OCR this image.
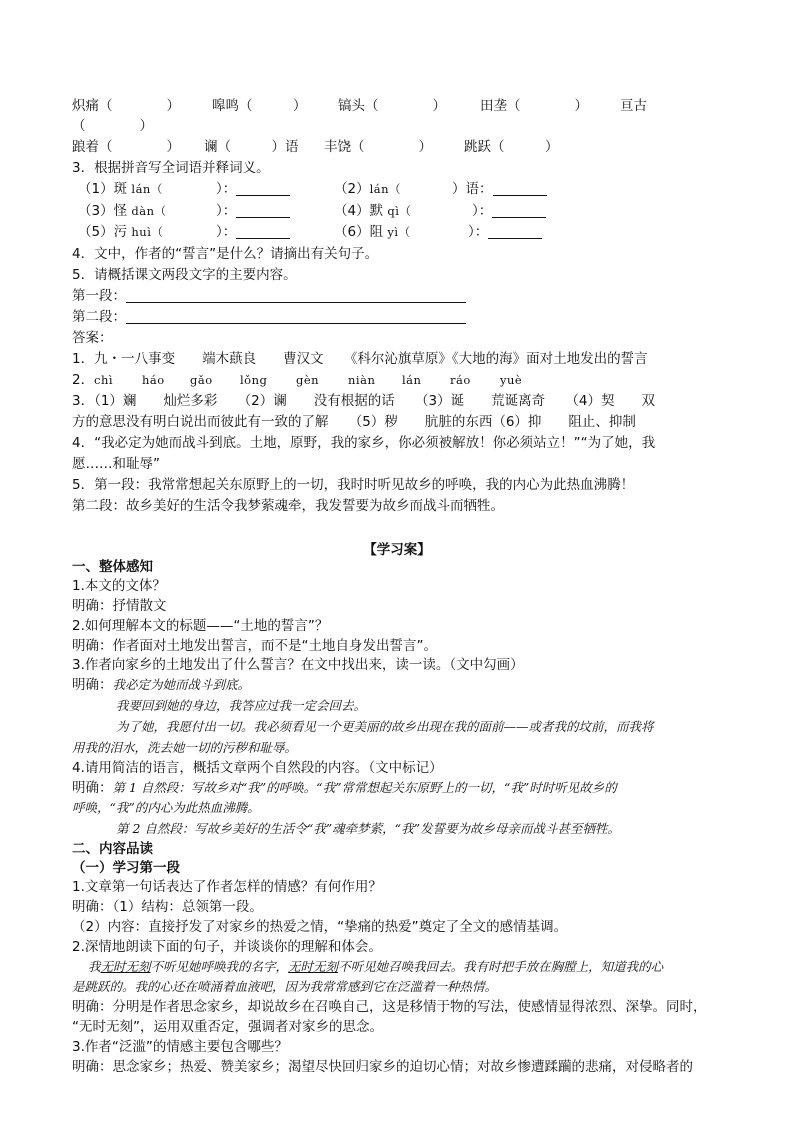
炽痛（　　　　） 嗥鸣（　　　） 镐头（　　　　）	田垄（　　　　） 亘古
（　　　　）
踉着（　　　　） 谰（　　　）语 丰饶（　　　　） 跳跃（　　　）
3．根据拼音写全词语并释词义。
（1）斑 lán（	）：	（2）lán（	）语：
（3）怪 dàn（	）：	（4）默 qì（	）：
（5）污 huì（	）：	（6）阻 yì（	）：
4．文中，作者的“誓言”是什么？请摘出有关句子。
5．请概括课文两段文字的主要内容。
第一段：
第二段：
答案：
1．九・一八事变　　端木蕻良　　曹汉文　　《科尔沁旗草原》《大地的海》面对土地发出的誓言
2． chì	háo gǎo lǒng gèn	niàn lán ráo	yuè
3．（1）斓　　灿烂多彩　　（2）谰　　没有根据的话　　（3）诞　　荒诞离奇　　（4）契　　双
方的意思没有明白说出而彼此有一致的了解　　（5）秽　　肮脏的东西（6）抑　　阻止、抑制
4．“我必定为她而战斗到底。土地，原野，我的家乡，你必须被解放！你必须站立！”“为了她，我
愿……和耻辱”
5．第一段：我常常想起关东原野上的一切，我时时听见故乡的呼唤，我的内心为此热血沸腾！
第二段：故乡美好的生活令我梦萦魂牵，我发誓要为故乡而战斗而牺牲。
【学习案】
一、整体感知
1.本文的文体？
明确：抒情散文
2.如何理解本文的标题——“土地的誓言”？
明确：作者面对土地发出誓言，而不是“土地自身发出誓言”。
3.作者向家乡的土地发出了什么誓言？在文中找出来，读一读。（文中勾画）
明确：我必定为她而战斗到底。
我要回到她的身边，我答应过我一定会回去。
为了她，我愿付出一切。我必须看见一个更美丽的故乡出现在我的面前——或者我的坟前，而我将
用我的泪水，洗去她一切的污秽和耻辱。
4.请用简洁的语言，概括文章两个自然段的内容。（文中标记）
明确：第 1 自然段：写故乡对“我”的呼唤。“我”常常想起关东原野上的一切，“我”时时听见故乡的
呼唤，“我”的内心为此热血沸腾。
第 2 自然段：写故乡美好的生活令“我”魂牵梦萦，“我”发誓要为故乡母亲而战斗甚至牺牲。
二、内容品读
（一）学习第一段
1.文章第一句话表达了作者怎样的情感？有何作用？
明确：（1）结构：总领第一段。
（2）内容：直接抒发了对家乡的热爱之情，“挚痛的热爱”奠定了全文的感情基调。
2.深情地朗读下面的句子，并谈谈你的理解和体会。
我无时无刻不听见她呼唤我的名字，无时无刻不听见她召唤我回去。我有时把手放在胸膛上，知道我的心
是跳跃的。我的心还在喷涌着血液吧，因为我常常感到它在泛滥着一种热情。
明确：分明是作者思念家乡，却说故乡在召唤自己，这是移情于物的写法，使感情显得浓烈、深挚。同时，
“无时无刻”，运用双重否定，强调者对家乡的思念。
3.作者“泛滥”的情感主要包含哪些？
明确：思念家乡；热爱、赞美家乡；渴望尽快回归家乡的迫切心情；对故乡惨遭蹂躏的悲痛，对侵略者的
